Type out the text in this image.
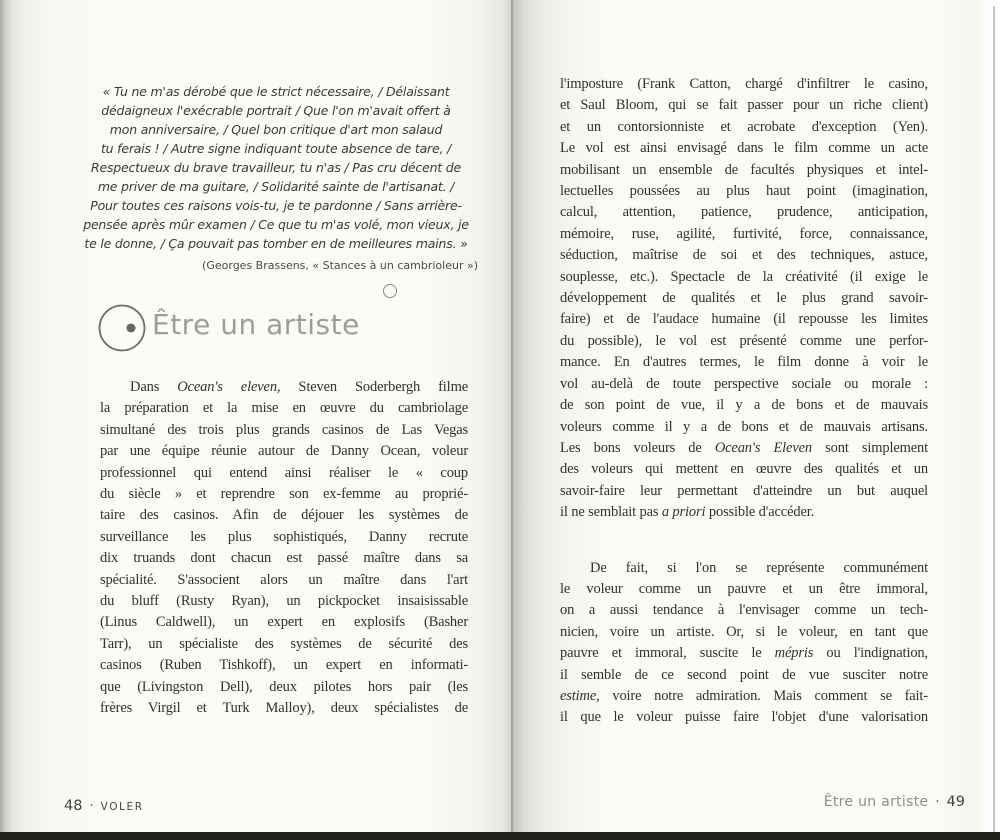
« Tu ne m'as dérobé que le strict nécessaire, / Délaissant
dédaigneux l'exécrable portrait / Que l'on m'avait offert à
mon anniversaire, / Quel bon critique d'art mon salaud
tu ferais ! / Autre signe indiquant toute absence de tare, /
Respectueux du brave travailleur, tu n'as / Pas cru décent de
me priver de ma guitare, / Solidarité sainte de l'artisanat. /
Pour toutes ces raisons vois-tu, je te pardonne / Sans arrière-
pensée après mûr examen / Ce que tu m'as volé, mon vieux, je
te le donne, / Ça pouvait pas tomber en de meilleures mains. »
(Georges Brassens, « Stances à un cambrioleur »)
Être un artiste
Dans Ocean's eleven, Steven Soderbergh filme
la préparation et la mise en œuvre du cambriolage
simultané des trois plus grands casinos de Las Vegas
par une équipe réunie autour de Danny Ocean, voleur
professionnel qui entend ainsi réaliser le « coup
du siècle » et reprendre son ex-femme au proprié-
taire des casinos. Afin de déjouer les systèmes de
surveillance les plus sophistiqués, Danny recrute
dix truands dont chacun est passé maître dans sa
spécialité. S'associent alors un maître dans l'art
du bluff (Rusty Ryan), un pickpocket insaisissable
(Linus Caldwell), un expert en explosifs (Basher
Tarr), un spécialiste des systèmes de sécurité des
casinos (Ruben Tishkoff), un expert en informati-
que (Livingston Dell), deux pilotes hors pair (les
frères Virgil et Turk Malloy), deux spécialistes de
48 · VOLER
l'imposture (Frank Catton, chargé d'infiltrer le casino,
et Saul Bloom, qui se fait passer pour un riche client)
et un contorsionniste et acrobate d'exception (Yen).
Le vol est ainsi envisagé dans le film comme un acte
mobilisant un ensemble de facultés physiques et intel-
lectuelles poussées au plus haut point (imagination,
calcul, attention, patience, prudence, anticipation,
mémoire, ruse, agilité, furtivité, force, connaissance,
séduction, maîtrise de soi et des techniques, astuce,
souplesse, etc.). Spectacle de la créativité (il exige le
développement de qualités et le plus grand savoir-
faire) et de l'audace humaine (il repousse les limites
du possible), le vol est présenté comme une perfor-
mance. En d'autres termes, le film donne à voir le
vol au-delà de toute perspective sociale ou morale :
de son point de vue, il y a de bons et de mauvais
voleurs comme il y a de bons et de mauvais artisans.
Les bons voleurs de Ocean's Eleven sont simplement
des voleurs qui mettent en œuvre des qualités et un
savoir-faire leur permettant d'atteindre un but auquel
il ne semblait pas a priori possible d'accéder.
De fait, si l'on se représente communément
le voleur comme un pauvre et un être immoral,
on a aussi tendance à l'envisager comme un tech-
nicien, voire un artiste. Or, si le voleur, en tant que
pauvre et immoral, suscite le mépris ou l'indignation,
il semble de ce second point de vue susciter notre
estime, voire notre admiration. Mais comment se fait-
il que le voleur puisse faire l'objet d'une valorisation
Être un artiste · 49
